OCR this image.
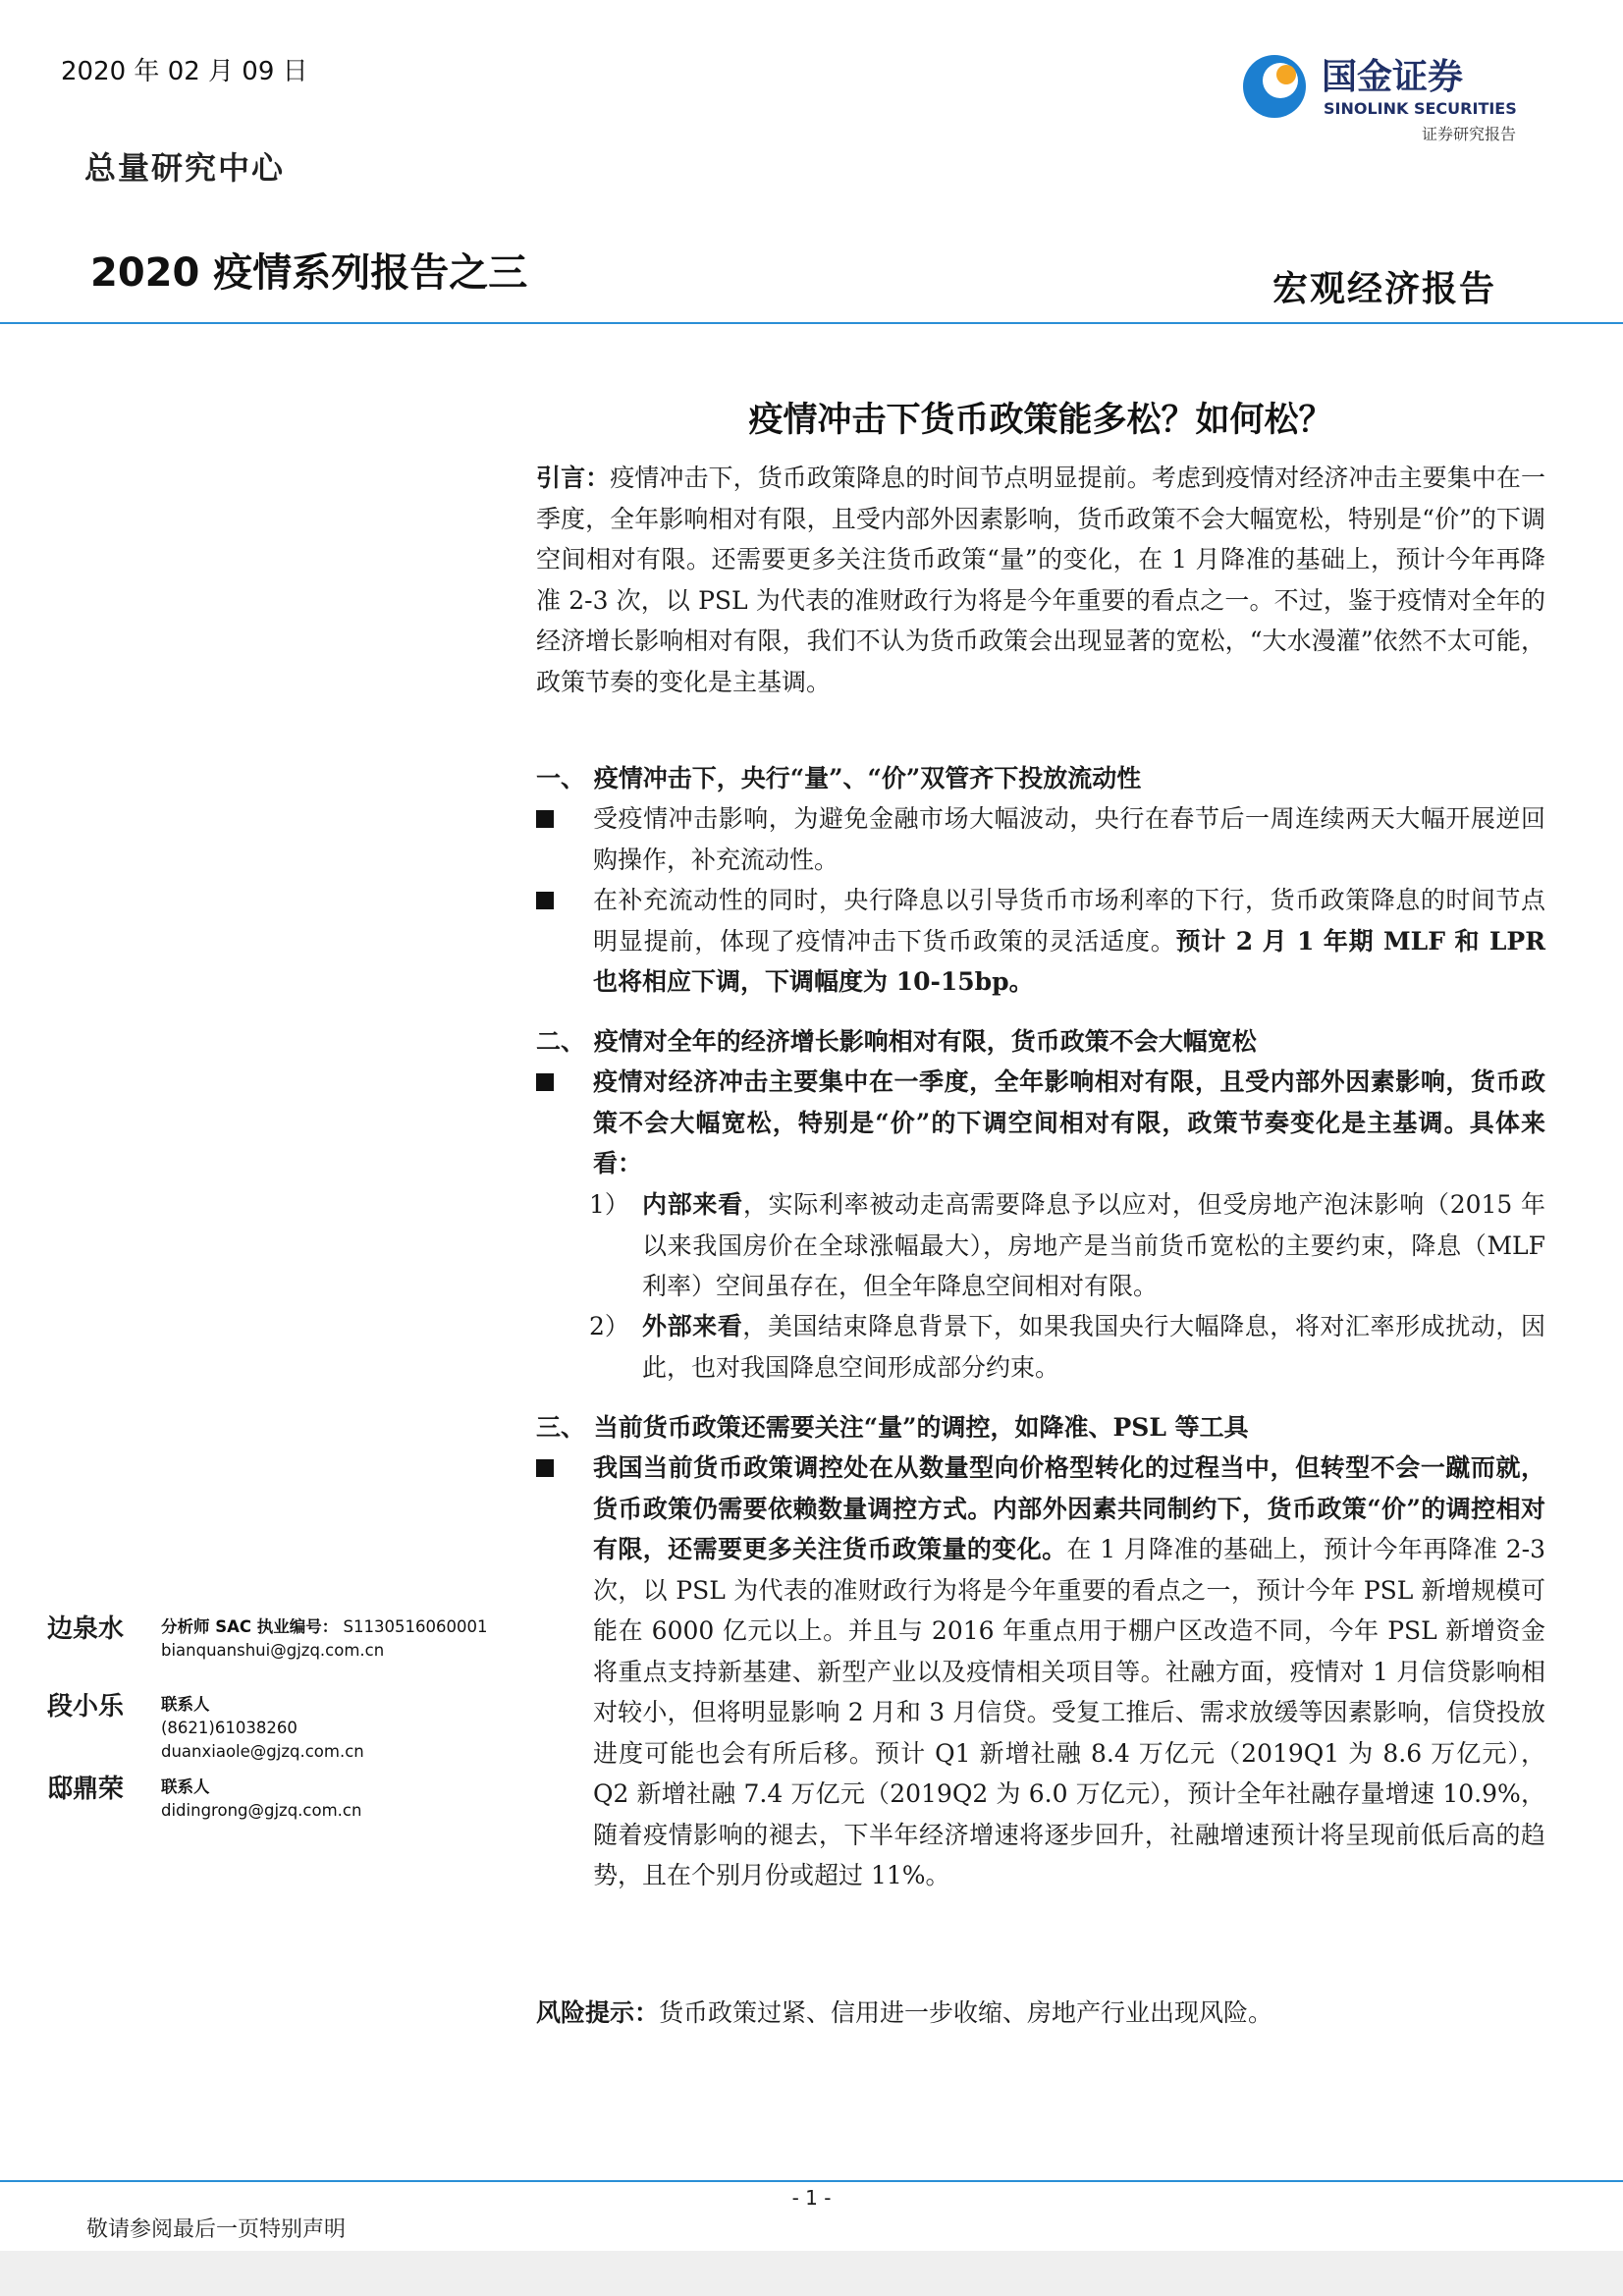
2020 年 02 月 09 日	国金证券
SINOLINK SECURITIES
证券研究报告
总量研究中心
2020 疫情系列报告之三	宏观经济报告
疫情冲击下货币政策能多松？如何松？
引言：疫情冲击下，货币政策降息的时间节点明显提前。考虑到疫情对经济冲击主要集中在一季度，全年影响相对有限，且受内部外因素影响，货币政策不会大幅宽松，特别是“价”的下调空间相对有限。还需要更多关注货币政策“量”的变化，在 1 月降准的基础上，预计今年再降准 2-3 次，以 PSL 为代表的准财政行为将是今年重要的看点之一。不过，鉴于疫情对全年的经济增长影响相对有限，我们不认为货币政策会出现显著的宽松，“大水漫灌”依然不太可能，政策节奏的变化是主基调。
一、 疫情冲击下，央行“量”、“价”双管齐下投放流动性
受疫情冲击影响，为避免金融市场大幅波动，央行在春节后一周连续两天大幅开展逆回购操作，补充流动性。
在补充流动性的同时，央行降息以引导货币市场利率的下行，货币政策降息的时间节点明显提前，体现了疫情冲击下货币政策的灵活适度。预计 2 月 1 年期 MLF 和 LPR 也将相应下调，下调幅度为 10-15bp。
二、 疫情对全年的经济增长影响相对有限，货币政策不会大幅宽松
疫情对经济冲击主要集中在一季度，全年影响相对有限，且受内部外因素影响，货币政策不会大幅宽松，特别是“价”的下调空间相对有限，政策节奏变化是主基调。具体来看：
1） 内部来看，实际利率被动走高需要降息予以应对，但受房地产泡沫影响（2015 年以来我国房价在全球涨幅最大），房地产是当前货币宽松的主要约束，降息（MLF 利率）空间虽存在，但全年降息空间相对有限。
2） 外部来看，美国结束降息背景下，如果我国央行大幅降息，将对汇率形成扰动，因此，也对我国降息空间形成部分约束。
三、 当前货币政策还需要关注“量”的调控，如降准、PSL 等工具
我国当前货币政策调控处在从数量型向价格型转化的过程当中，但转型不会一蹴而就，货币政策仍需要依赖数量调控方式。内部外因素共同制约下，货币政策“价”的调控相对有限，还需要更多关注货币政策量的变化。在 1 月降准的基础上，预计今年再降准 2-3 次，以 PSL 为代表的准财政行为将是今年重要的看点之一，预计今年 PSL 新增规模可能在 6000 亿元以上。并且与 2016 年重点用于棚户区改造不同，今年 PSL 新增资金将重点支持新基建、新型产业以及疫情相关项目等。社融方面，疫情对 1 月信贷影响相对较小，但将明显影响 2 月和 3 月信贷。受复工推后、需求放缓等因素影响，信贷投放进度可能也会有所后移。预计 Q1 新增社融 8.4 万亿元（2019Q1 为 8.6 万亿元），Q2 新增社融 7.4 万亿元（2019Q2 为 6.0 万亿元），预计全年社融存量增速 10.9%，随着疫情影响的褪去，下半年经济增速将逐步回升，社融增速预计将呈现前低后高的趋势，且在个别月份或超过 11%。
风险提示：货币政策过紧、信用进一步收缩、房地产行业出现风险。
边泉水 分析师 SAC 执业编号： S1130516060001
bianquanshui@gjzq.com.cn
段小乐 联系人
(8621)61038260
duanxiaole@gjzq.com.cn
邸鼎荣 联系人
didingrong@gjzq.com.cn
- 1 -
敬请参阅最后一页特别声明
